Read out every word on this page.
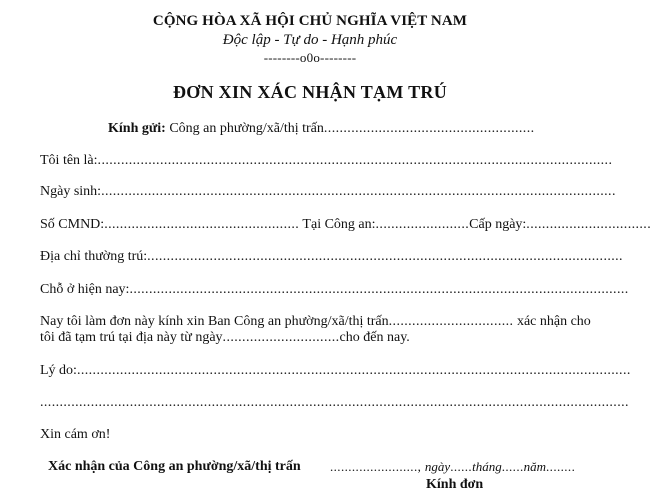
CỘNG HÒA XÃ HỘI CHỦ NGHĨA VIỆT NAM
Độc lập - Tự do - Hạnh phúc
--------o0o--------
ĐƠN XIN XÁC NHẬN TẠM TRÚ
Kính gửi: Công an phường/xã/thị trấn......................................................
Tôi tên là:....................................................................................................................................
Ngày sinh:....................................................................................................................................
Số CMND:.................................................. Tại Công an:........................Cấp ngày:................................
Địa chỉ thường trú:..........................................................................................................................
Chỗ ở hiện nay:................................................................................................................................
Nay tôi làm đơn này kính xin Ban Công an phường/xã/thị trấn................................ xác nhận cho
tôi đã tạm trú tại địa này từ ngày..............................cho đến nay.
Lý do:..............................................................................................................................................
.......................................................................................................................................................
Xin cám ơn!
Xác nhận của Công an phường/xã/thị trấn ........................, ngày......tháng......năm........
Kính đơn
